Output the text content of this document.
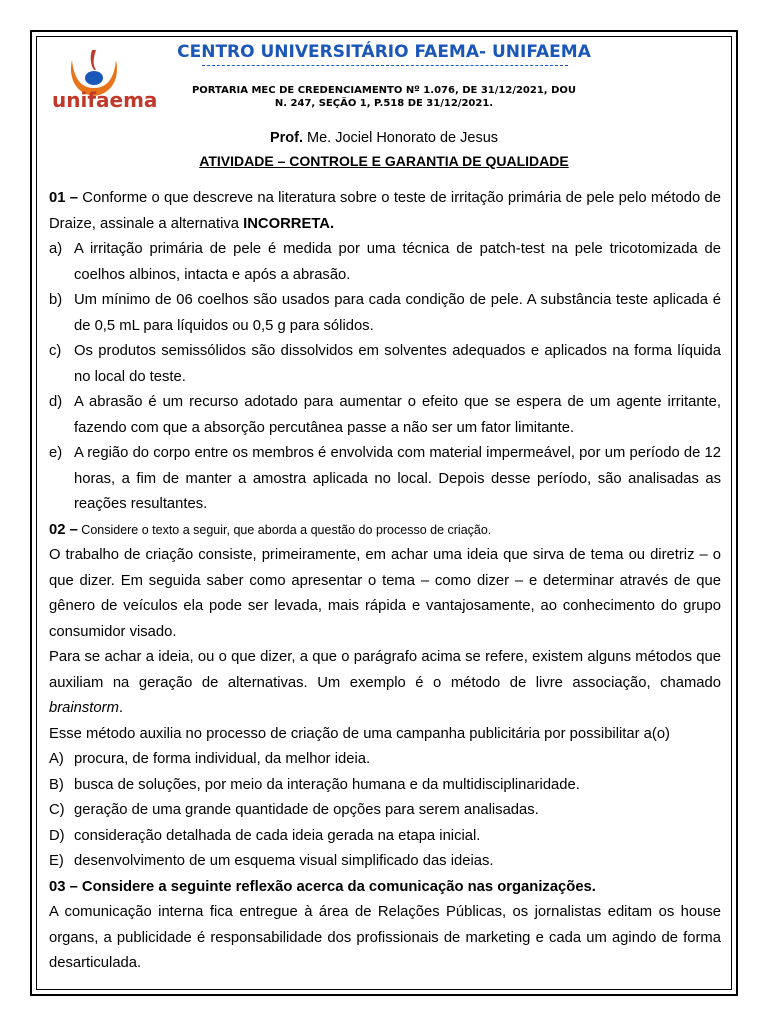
unifaema
CENTRO UNIVERSITÁRIO FAEMA- UNIFAEMA
PORTARIA MEC DE CREDENCIAMENTO Nº 1.076, DE 31/12/2021, DOU
N. 247, SEÇÃO 1, P.518 DE 31/12/2021.
Prof. Me. Jociel Honorato de Jesus
ATIVIDADE – CONTROLE E GARANTIA DE QUALIDADE

01 – Conforme o que descreve na literatura sobre o teste de irritação primária de pele pelo método de Draize, assinale a alternativa INCORRETA.

a) A irritação primária de pele é medida por uma técnica de patch-test na pele tricotomizada de coelhos albinos, intacta e após a abrasão.
b) Um mínimo de 06 coelhos são usados para cada condição de pele. A substância teste aplicada é de 0,5 mL para líquidos ou 0,5 g para sólidos.
c) Os produtos semissólidos são dissolvidos em solventes adequados e aplicados na forma líquida no local do teste.
d) A abrasão é um recurso adotado para aumentar o efeito que se espera de um agente irritante, fazendo com que a absorção percutânea passe a não ser um fator limitante.
e) A região do corpo entre os membros é envolvida com material impermeável, por um período de 12 horas, a fim de manter a amostra aplicada no local. Depois desse período, são analisadas as reações resultantes.

02 – Considere o texto a seguir, que aborda a questão do processo de criação.

O trabalho de criação consiste, primeiramente, em achar uma ideia que sirva de tema ou diretriz – o que dizer. Em seguida saber como apresentar o tema – como dizer – e determinar através de que gênero de veículos ela pode ser levada, mais rápida e vantajosamente, ao conhecimento do grupo consumidor visado.

Para se achar a ideia, ou o que dizer, a que o parágrafo acima se refere, existem alguns métodos que auxiliam na geração de alternativas. Um exemplo é o método de livre associação, chamado brainstorm.

Esse método auxilia no processo de criação de uma campanha publicitária por possibilitar a(o)

A) procura, de forma individual, da melhor ideia.
B) busca de soluções, por meio da interação humana e da multidisciplinaridade.
C) geração de uma grande quantidade de opções para serem analisadas.
D) consideração detalhada de cada ideia gerada na etapa inicial.
E) desenvolvimento de um esquema visual simplificado das ideias.

03 – Considere a seguinte reflexão acerca da comunicação nas organizações.

A comunicação interna fica entregue à área de Relações Públicas, os jornalistas editam os house organs, a publicidade é responsabilidade dos profissionais de marketing e cada um agindo de forma desarticulada.
